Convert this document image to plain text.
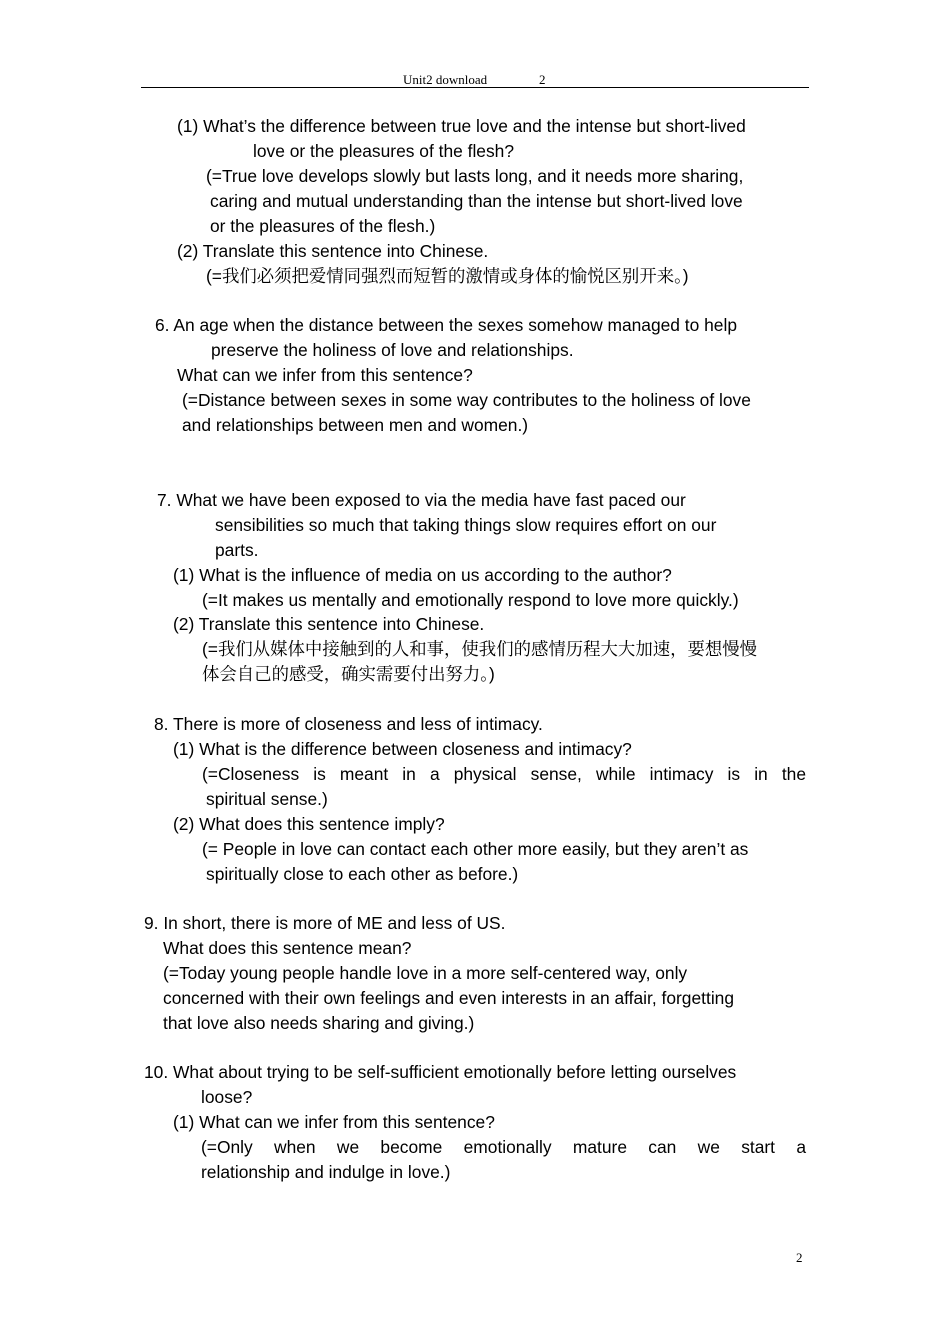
Unit2 download	2
(1) What’s the difference between true love and the intense but short-lived
love or the pleasures of the flesh?
(=True love develops slowly but lasts long, and it needs more sharing,
caring and mutual understanding than the intense but short-lived love
or the pleasures of the flesh.)
(2) Translate this sentence into Chinese.
(=我们必须把爱情同强烈而短暂的激情或身体的愉悦区别开来。)
6. An age when the distance between the sexes somehow managed to help
preserve the holiness of love and relationships.
What can we infer from this sentence?
(=Distance between sexes in some way contributes to the holiness of love
and relationships between men and women.)
7. What we have been exposed to via the media have fast paced our
sensibilities so much that taking things slow requires effort on our
parts.
(1) What is the influence of media on us according to the author?
(=It makes us mentally and emotionally respond to love more quickly.)
(2) Translate this sentence into Chinese.
(=我们从媒体中接触到的人和事，使我们的感情历程大大加速，要想慢慢
体会自己的感受，确实需要付出努力。)
8. There is more of closeness and less of intimacy.
(1) What is the difference between closeness and intimacy?
(=Closeness is meant in a physical sense, while intimacy is in the
spiritual sense.)
(2) What does this sentence imply?
(= People in love can contact each other more easily, but they aren’t as
spiritually close to each other as before.)
9. In short, there is more of ME and less of US.
What does this sentence mean?
(=Today young people handle love in a more self-centered way, only
concerned with their own feelings and even interests in an affair, forgetting
that love also needs sharing and giving.)
10. What about trying to be self-sufficient emotionally before letting ourselves
loose?
(1) What can we infer from this sentence?
(=Only when we become emotionally mature can we start a
relationship and indulge in love.)
2
